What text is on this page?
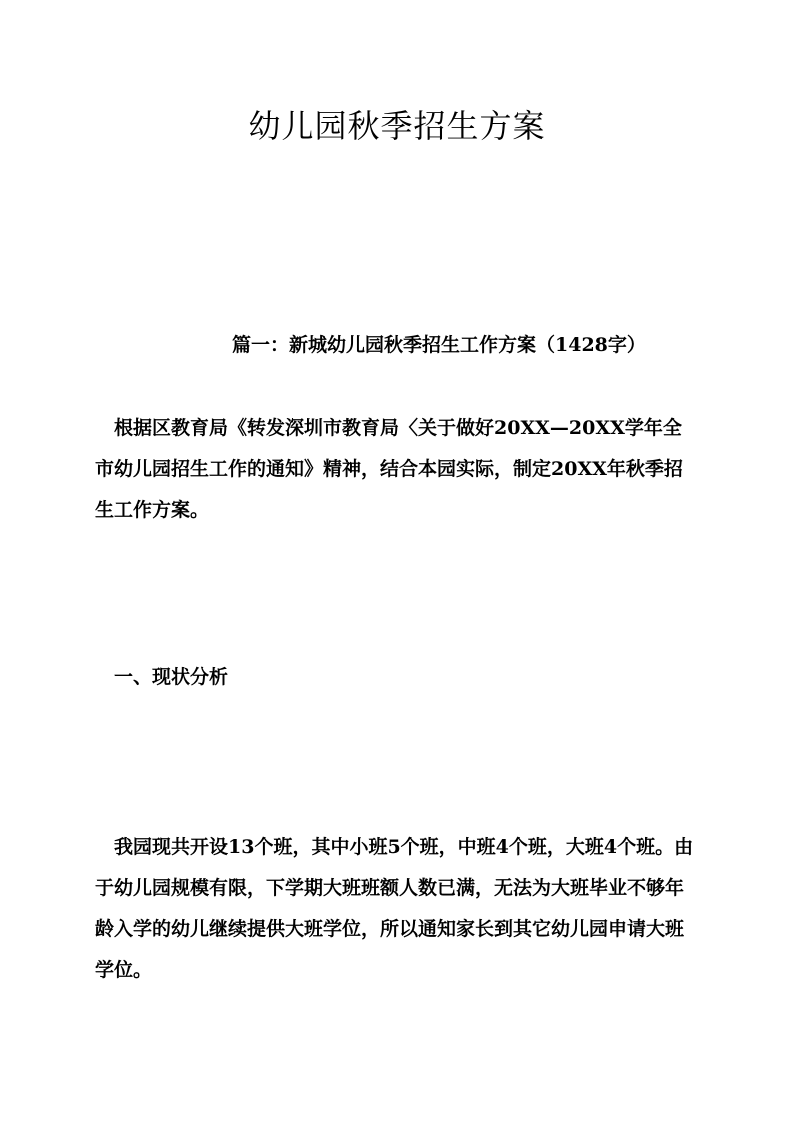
幼儿园秋季招生方案
篇一：新城幼儿园秋季招生工作方案（1428字）

根据区教育局《转发深圳市教育局〈关于做好20XX—20XX学年全市幼儿园招生工作的通知》精神，结合本园实际，制定20XX年秋季招生工作方案。

一、现状分析

我园现共开设13个班，其中小班5个班，中班4个班，大班4个班。由于幼儿园规模有限，下学期大班班额人数已满，无法为大班毕业不够年龄入学的幼儿继续提供大班学位，所以通知家长到其它幼儿园申请大班学位。
